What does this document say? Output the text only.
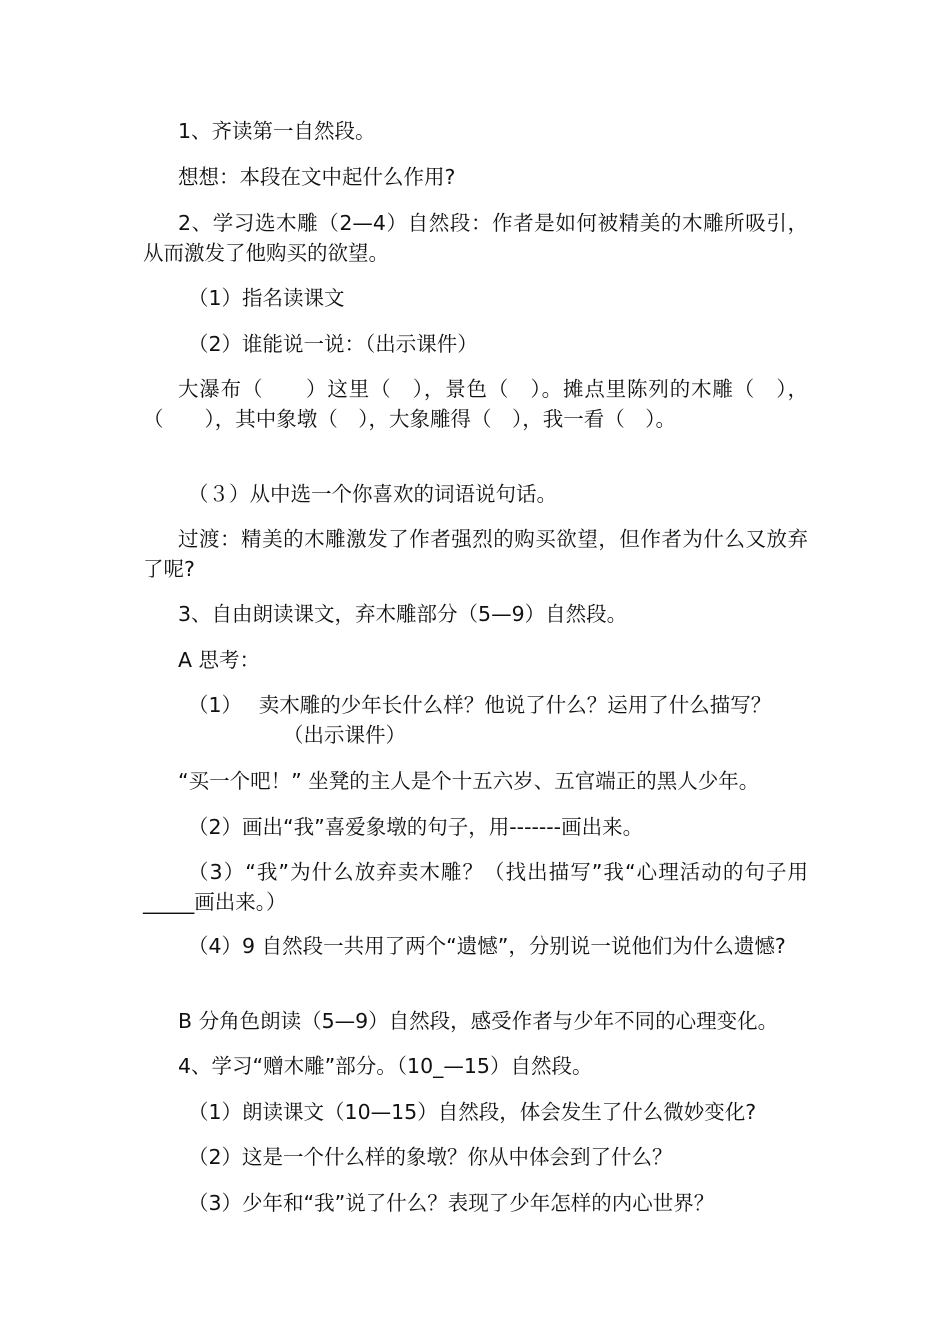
1、齐读第一自然段。

想想：本段在文中起什么作用?

2、学习选木雕（2—4）自然段：作者是如何被精美的木雕所吸引，从而激发了他购买的欲望。

（1）指名读课文

（2）谁能说一说：（出示课件）

大瀑布（　　）这里（　），景色（　）。摊点里陈列的木雕（　），（　　），其中象墩（　），大象雕得（　），我一看（　）。

（３）从中选一个你喜欢的词语说句话。

过渡：精美的木雕激发了作者强烈的购买欲望，但作者为什么又放弃了呢?

3、自由朗读课文，弃木雕部分（5—9）自然段。

A 思考：

（1）　 卖木雕的少年长什么样？他说了什么？运用了什么描写？

（出示课件）

“买一个吧！” 坐凳的主人是个十五六岁、五官端正的黑人少年。

（2）画出“我”喜爱象墩的句子，用-------画出来。

（3）“我”为什么放弃卖木雕？（找出描写”我“心理活动的句子用_____画出来。）

（4）9 自然段一共用了两个“遗憾”，分别说一说他们为什么遗憾?

B 分角色朗读（5—9）自然段，感受作者与少年不同的心理变化。

4、学习“赠木雕”部分。（10_—15）自然段。

（1）朗读课文（10—15）自然段，体会发生了什么微妙变化?

（2）这是一个什么样的象墩？你从中体会到了什么？

（3）少年和“我”说了什么？表现了少年怎样的内心世界？
